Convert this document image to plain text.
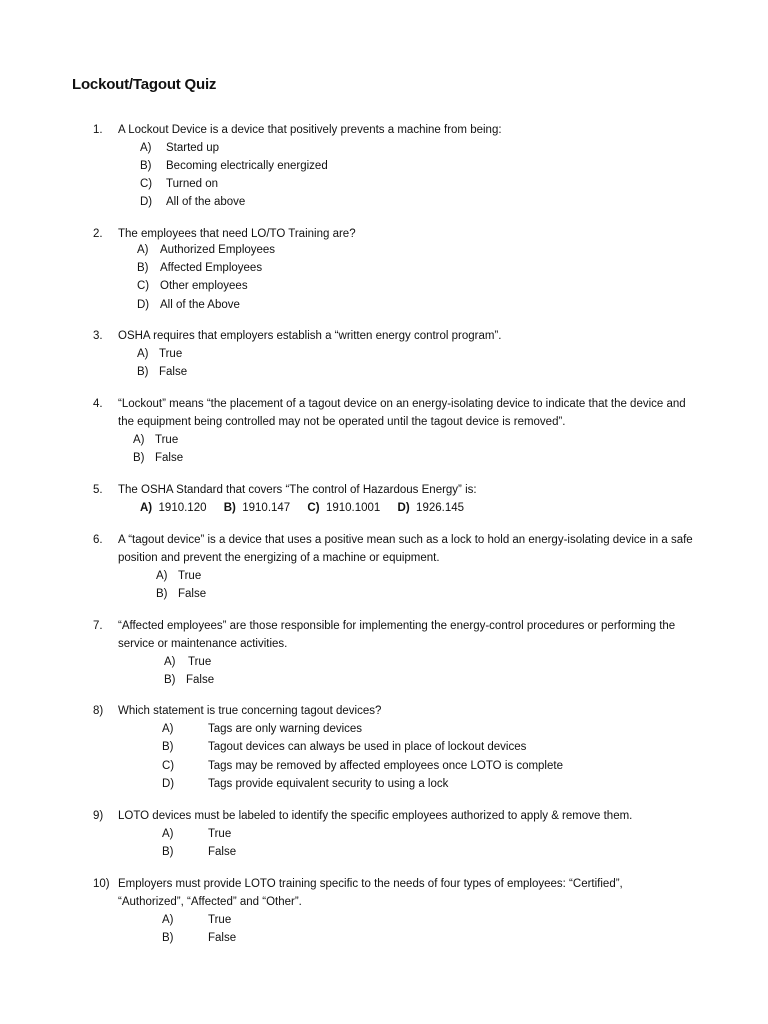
Lockout/Tagout Quiz
1. A Lockout Device is a device that positively prevents a machine from being:
A) Started up
B) Becoming electrically energized
C) Turned on
D) All of the above
2. The employees that need LO/TO Training are?
A) Authorized Employees
B) Affected Employees
C) Other employees
D) All of the Above
3. OSHA requires that employers establish a “written energy control program”.
A) True
B) False
4. “Lockout” means “the placement of a tagout device on an energy-isolating device to indicate that the device and the equipment being controlled may not be operated until the tagout device is removed”.
A) True
B) False
5. The OSHA Standard that covers “The control of Hazardous Energy” is:
A) 1910.120 B) 1910.147 C) 1910.1001 D) 1926.145
6. A “tagout device” is a device that uses a positive mean such as a lock to hold an energy-isolating device in a safe position and prevent the energizing of a machine or equipment.
A) True
B) False
7. “Affected employees” are those responsible for implementing the energy-control procedures or performing the service or maintenance activities.
A) True
B) False
8) Which statement is true concerning tagout devices?
A)	Tags are only warning devices
B)	Tagout devices can always be used in place of lockout devices
C)	Tags may be removed by affected employees once LOTO is complete
D)	Tags provide equivalent security to using a lock
9) LOTO devices must be labeled to identify the specific employees authorized to apply & remove them.
A)	True
B)	False
10) Employers must provide LOTO training specific to the needs of four types of employees: “Certified”, “Authorized”, “Affected” and “Other”.
A)	True
B)	False
